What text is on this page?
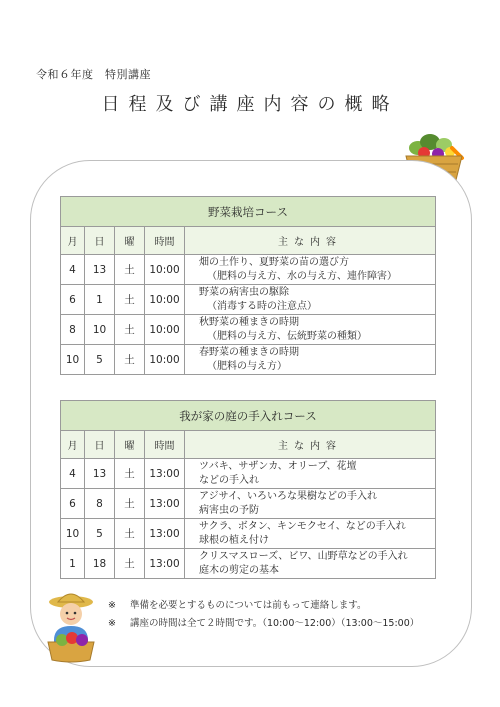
令和６年度　特別講座
日程及び講座内容の概略
野菜栽培コース				
月	日	曜	時間	主な内容
4	13	土	10:00	畑の土作り、夏野菜の苗の選び方
（肥料の与え方、水の与え方、連作障害）

6	1	土	10:00	野菜の病害虫の駆除
（消毒する時の注意点）

8	10	土	10:00	秋野菜の種まきの時期
（肥料の与え方、伝統野菜の種類）

10	5	土	10:00	春野菜の種まきの時期
（肥料の与え方）
我が家の庭の手入れコース				
月	日	曜	時間	主な内容
4	13	土	13:00	ツバキ、サザンカ、オリーブ、花壇
などの手入れ

6	8	土	13:00	アジサイ、いろいろな果樹などの手入れ
病害虫の予防

10	5	土	13:00	サクラ、ボタン、キンモクセイ、などの手入れ
球根の植え付け

1	18	土	13:00	クリスマスローズ、ビワ、山野草などの手入れ
庭木の剪定の基本
※	準備を必要とするものについては前もって連絡します。
※	講座の時間は全て２時間です。（10:00～12:00）（13:00～15:00）
